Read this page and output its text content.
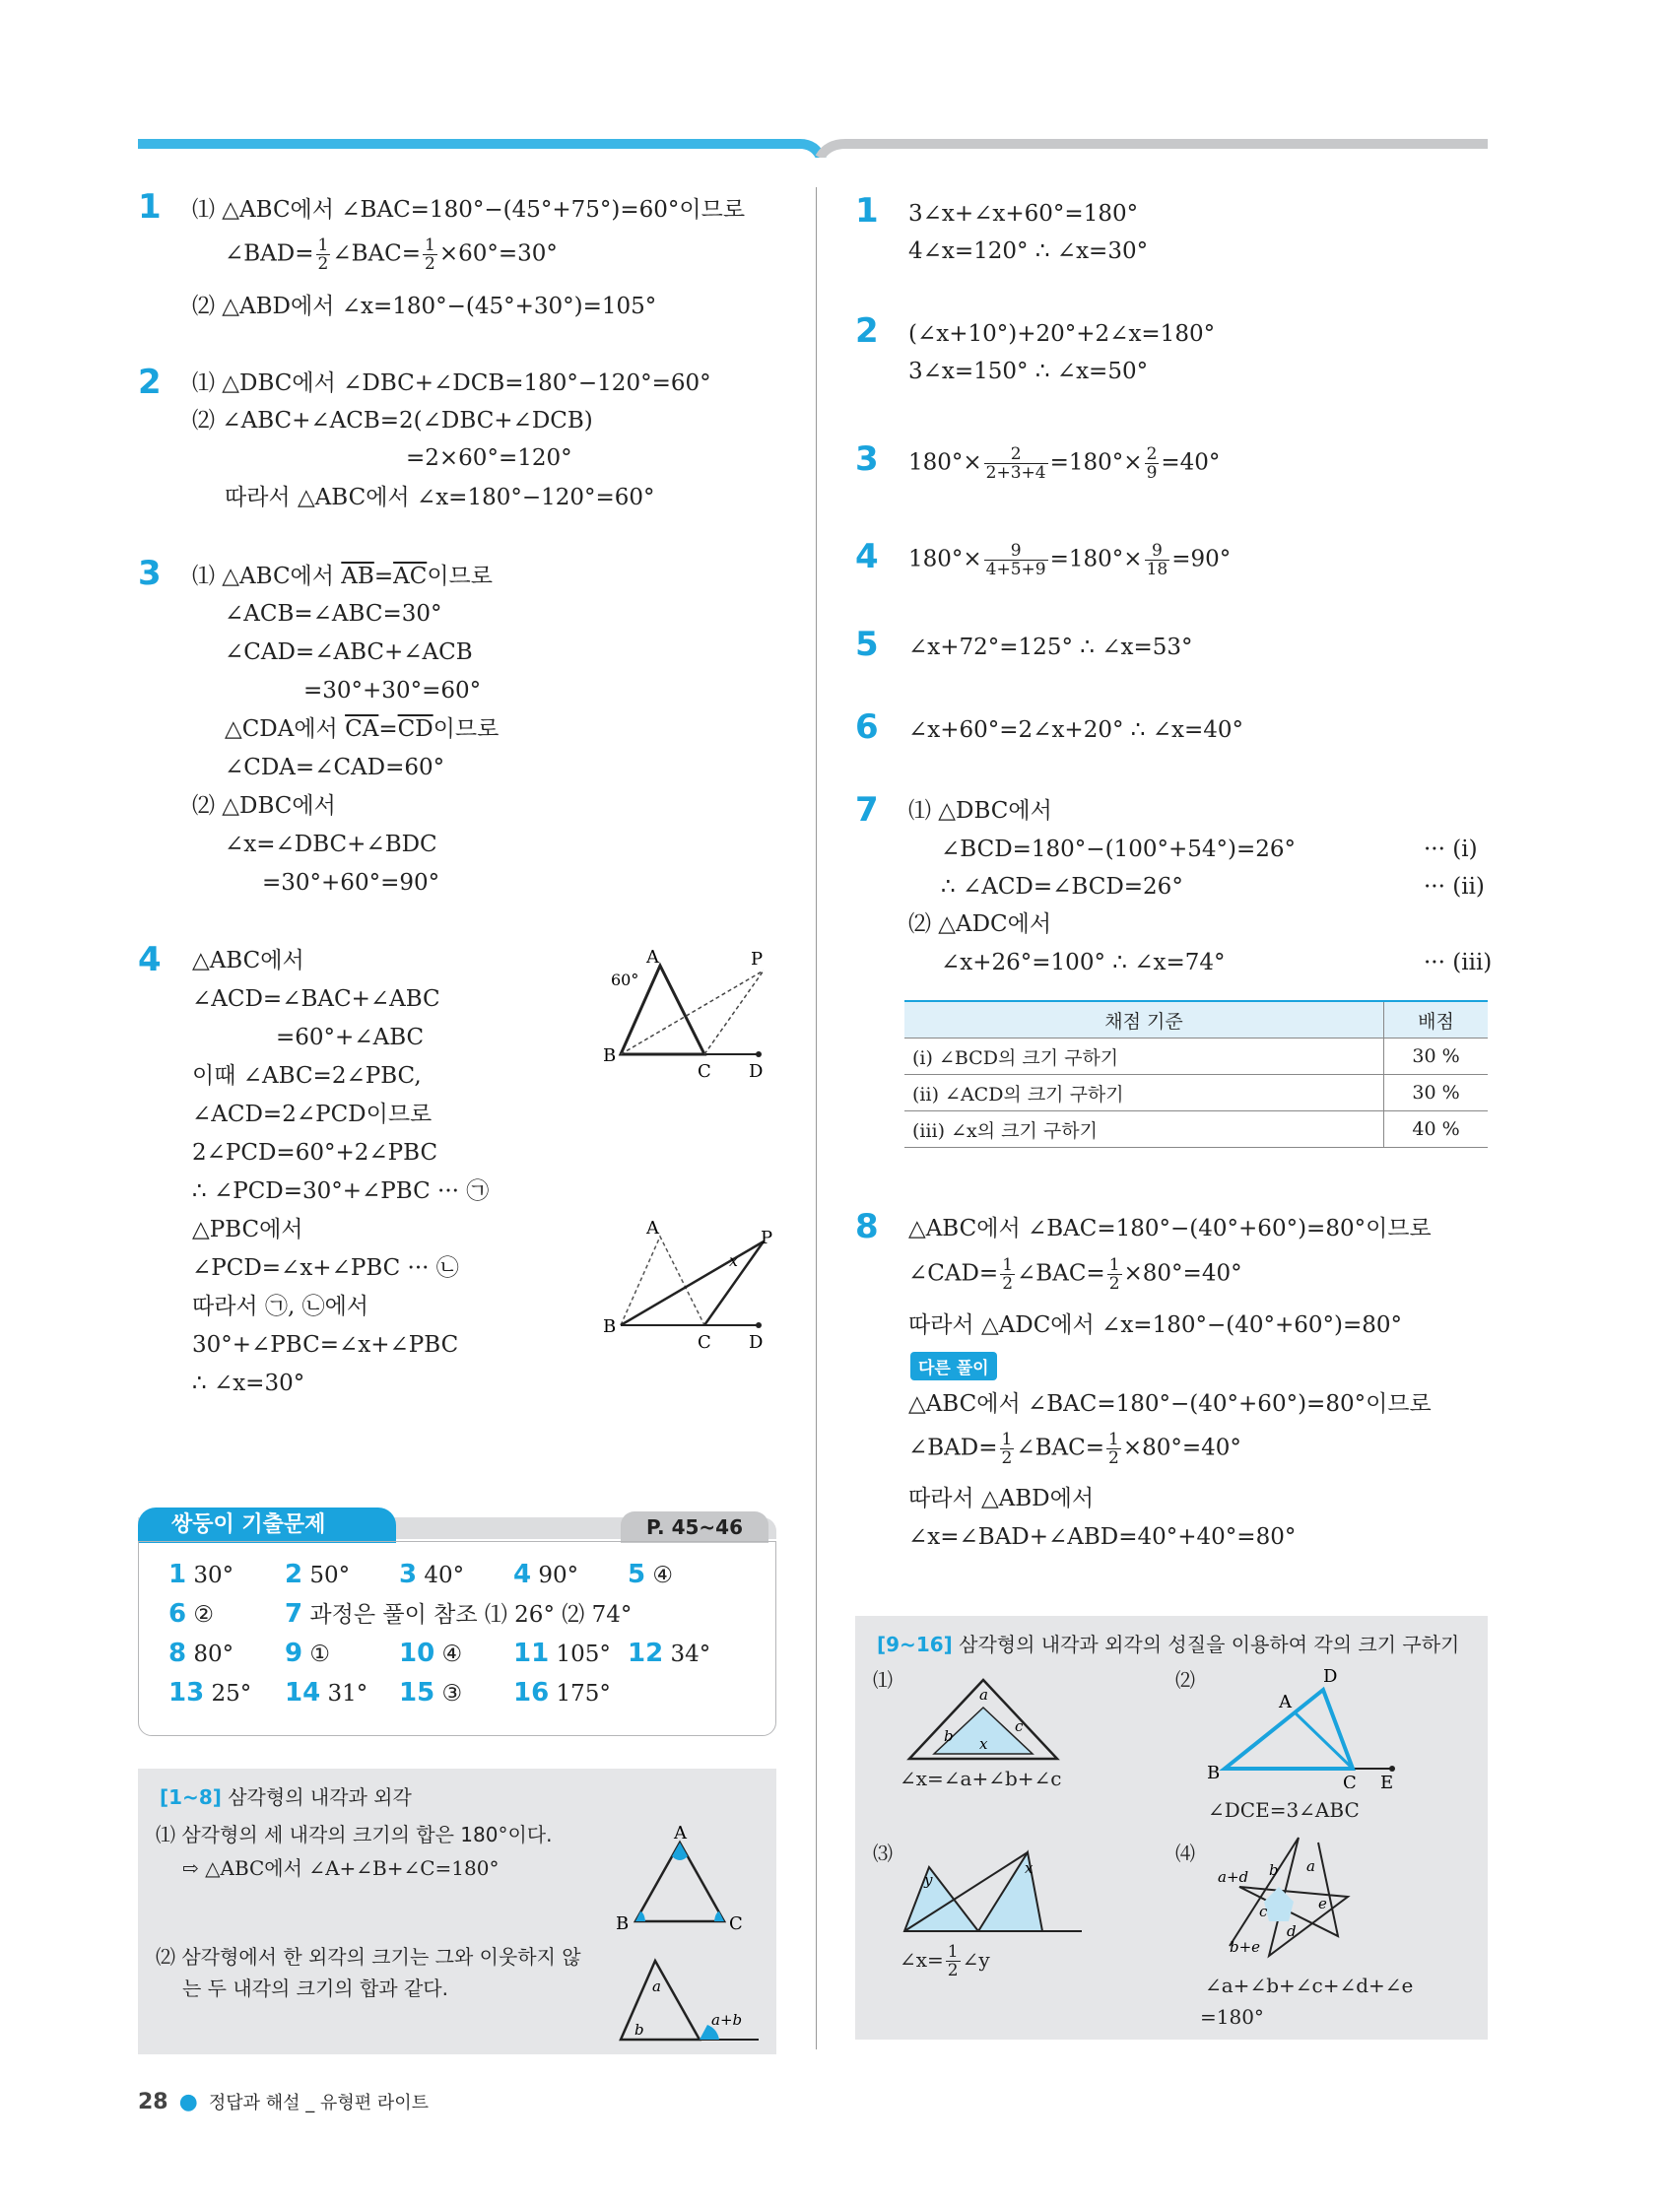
1 ⑴ △ABC에서 ∠BAC=180°−(45°+75°)=60°이므로
∠BAD= $\frac{1}{2}$ ∠BAC= $\frac{1}{2} \times 60^\circ=30^\circ$
⑵ △ABD에서 ∠x=180°−(45°+30°)=105°
2 ⑴ △DBC에서 ∠DBC+∠DCB=180°−120°=60°
⑵ ∠ABC+∠ACB=2(∠DBC+∠DCB)
=2×60°=120°
따라서 △ABC에서 ∠x=180°−120°=60°
3 ⑴ △ABC에서 $\overline{AB}=\overline{AC}$이므로
∠ACB=∠ABC=30°
∠CAD=∠ABC+∠ACB
=30°+30°=60°
△CDA에서 $\overline{CA}=\overline{CD}$이므로
∠CDA=∠CAD=60°
⑵ △DBC에서
∠x=∠DBC+∠BDC
=30°+60°=90°
4 △ABC에서
∠ACD=∠BAC+∠ABC
=60°+∠ABC
이때 ∠ABC=2∠PBC,
∠ACD=2∠PCD이므로
2∠PCD=60°+2∠PBC
∴ ∠PCD=30°+∠PBC ··· ㉠
△PBC에서
∠PCD=∠x+∠PBC ··· ㉡
따라서 ㉠, ㉡에서
30°+∠PBC=∠x+∠PBC
∴ ∠x=30°
A	P
B
C D
60°
A	P
B
C D
x
쌍둥이 기출문제	P. 45~46
1 30° 2 50° 3 40° 4 90° 5 ④
6 ②	7 과정은 풀이 참조 ⑴ 26° ⑵ 74°
8 80° 9 ①	10 ④ 11 105° 12 34°
13 25° 14 31° 15 ③ 16 175°
[1~8] 삼각형의 내각과 외각
⑴ 삼각형의 세 내각의 크기의 합은 180°이다.
⇨ △ABC에서 ∠A+∠B+∠C=180°
⑵ 삼각형에서 한 외각의 크기는 그와 이웃하지 않
는 두 내각의 크기의 합과 같다.
A
B	C
a
b
a+b
1 3∠x+∠x+60°=180°
4∠x=120° ∴ ∠x=30°
2 (∠x+10°)+20°+2∠x=180°
3∠x=150° ∴ ∠x=50°
3 $180^\circ\times \frac{2}{2+3+4} =180^\circ\times \frac{2}{9} =40^\circ$
4 $180^\circ\times \frac{9}{4+5+9} =180^\circ\times \frac{9}{18} =90^\circ$
5 ∠x+72°=125° ∴ ∠x=53°
6 ∠x+60°=2∠x+20° ∴ ∠x=40°
7 ⑴ △DBC에서
∠BCD=180°−(100°+54°)=26°	··· (ⅰ)
∴ ∠ACD=∠BCD=26°	··· (ⅱ)
⑵ △ADC에서
∠x+26°=100° ∴ ∠x=74°	··· (ⅲ)
채점 기준	배점
(ⅰ) ∠BCD의 크기 구하기	30 %
(ⅱ) ∠ACD의 크기 구하기	30 %
(ⅲ) ∠x의 크기 구하기	40 %
8 △ABC에서 ∠BAC=180°−(40°+60°)=80°이므로
∠CAD= $\frac{1}{2}$ ∠BAC= $\frac{1}{2} \times 80^\circ=40^\circ$
따라서 △ADC에서 ∠x=180°−(40°+60°)=80°
다른 풀이
△ABC에서 ∠BAC=180°−(40°+60°)=80°이므로
∠BAD= $\frac{1}{2}$ ∠BAC= $\frac{1}{2} \times 80^\circ=40^\circ$
따라서 △ABD에서
∠x=∠BAD+∠ABD=40°+40°=80°
[9~16] 삼각형의 내각과 외각의 성질을 이용하여 각의 크기 구하기
⑴
a
b
c
x
∠x=∠a+∠b+∠c
⑵	D
A
B	C E
∠DCE=3∠ABC
⑶
y
x
∠x= $\frac{1}{2}$ ∠y
⑷
b a
c
d
e
a+d
b+e
∠a+∠b+∠c+∠d+∠e
=180°
28 ● 정답과 해설 _ 유형편 라이트
